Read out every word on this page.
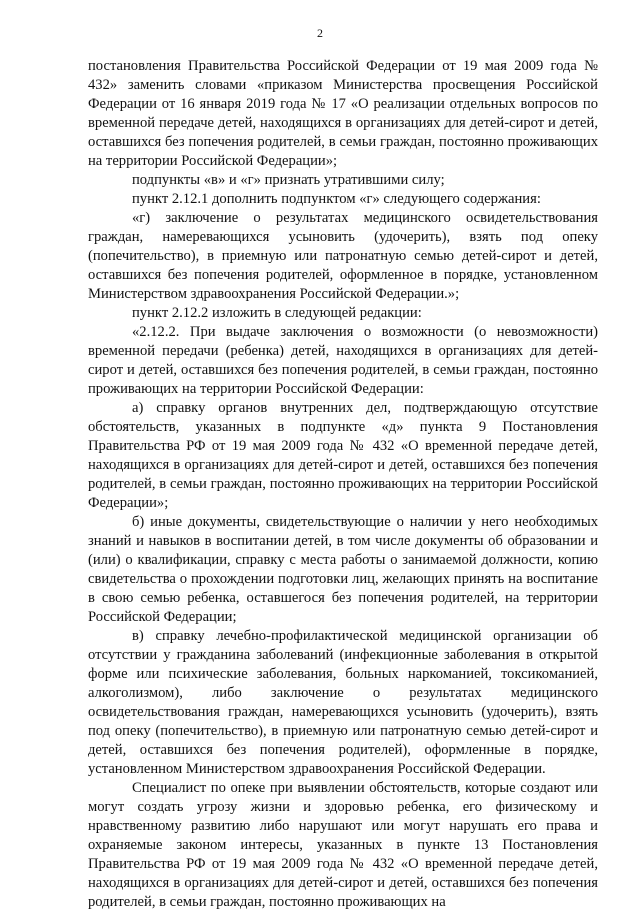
2

постановления Правительства Российской Федерации от 19 мая 2009 года № 432» заменить словами «приказом Министерства просвещения Российской Федерации от 16 января 2019 года № 17 «О реализации отдельных вопросов по временной передаче детей, находящихся в организациях для детей-сирот и детей, оставшихся без попечения родителей, в семьи граждан, постоянно проживающих на территории Российской Федерации»;

подпункты «в» и «г» признать утратившими силу;

пункт 2.12.1 дополнить подпунктом «г» следующего содержания:

«г) заключение о результатах медицинского освидетельствования граждан, намеревающихся усыновить (удочерить), взять под опеку (попечительство), в приемную или патронатную семью детей-сирот и детей, оставшихся без попечения родителей, оформленное в порядке, установленном Министерством здравоохранения Российской Федерации.»;

пункт 2.12.2 изложить в следующей редакции:

«2.12.2. При выдаче заключения о возможности (о невозможности) временной передачи (ребенка) детей, находящихся в организациях для детей-сирот и детей, оставшихся без попечения родителей, в семьи граждан, постоянно проживающих на территории Российской Федерации:

а) справку органов внутренних дел, подтверждающую отсутствие обстоятельств, указанных в подпункте «д» пункта 9 Постановления Правительства РФ от 19 мая 2009 года № 432 «О временной передаче детей, находящихся в организациях для детей-сирот и детей, оставшихся без попечения родителей, в семьи граждан, постоянно проживающих на территории Российской Федерации»;

б) иные документы, свидетельствующие о наличии у него необходимых знаний и навыков в воспитании детей, в том числе документы об образовании и (или) о квалификации, справку с места работы о занимаемой должности, копию свидетельства о прохождении подготовки лиц, желающих принять на воспитание в свою семью ребенка, оставшегося без попечения родителей, на территории Российской Федерации;

в) справку лечебно-профилактической медицинской организации об отсутствии у гражданина заболеваний (инфекционные заболевания в открытой форме или психические заболевания, больных наркоманией, токсикоманией, алкоголизмом), либо заключение о результатах медицинского освидетельствования граждан, намеревающихся усыновить (удочерить), взять под опеку (попечительство), в приемную или патронатную семью детей-сирот и детей, оставшихся без попечения родителей), оформленные в порядке, установленном Министерством здравоохранения Российской Федерации.

Специалист по опеке при выявлении обстоятельств, которые создают или могут создать угрозу жизни и здоровью ребенка, его физическому и нравственному развитию либо нарушают или могут нарушать его права и охраняемые законом интересы, указанных в пункте 13 Постановления Правительства РФ от 19 мая 2009 года № 432 «О временной передаче детей, находящихся в организациях для детей-сирот и детей, оставшихся без попечения родителей, в семьи граждан, постоянно проживающих на
